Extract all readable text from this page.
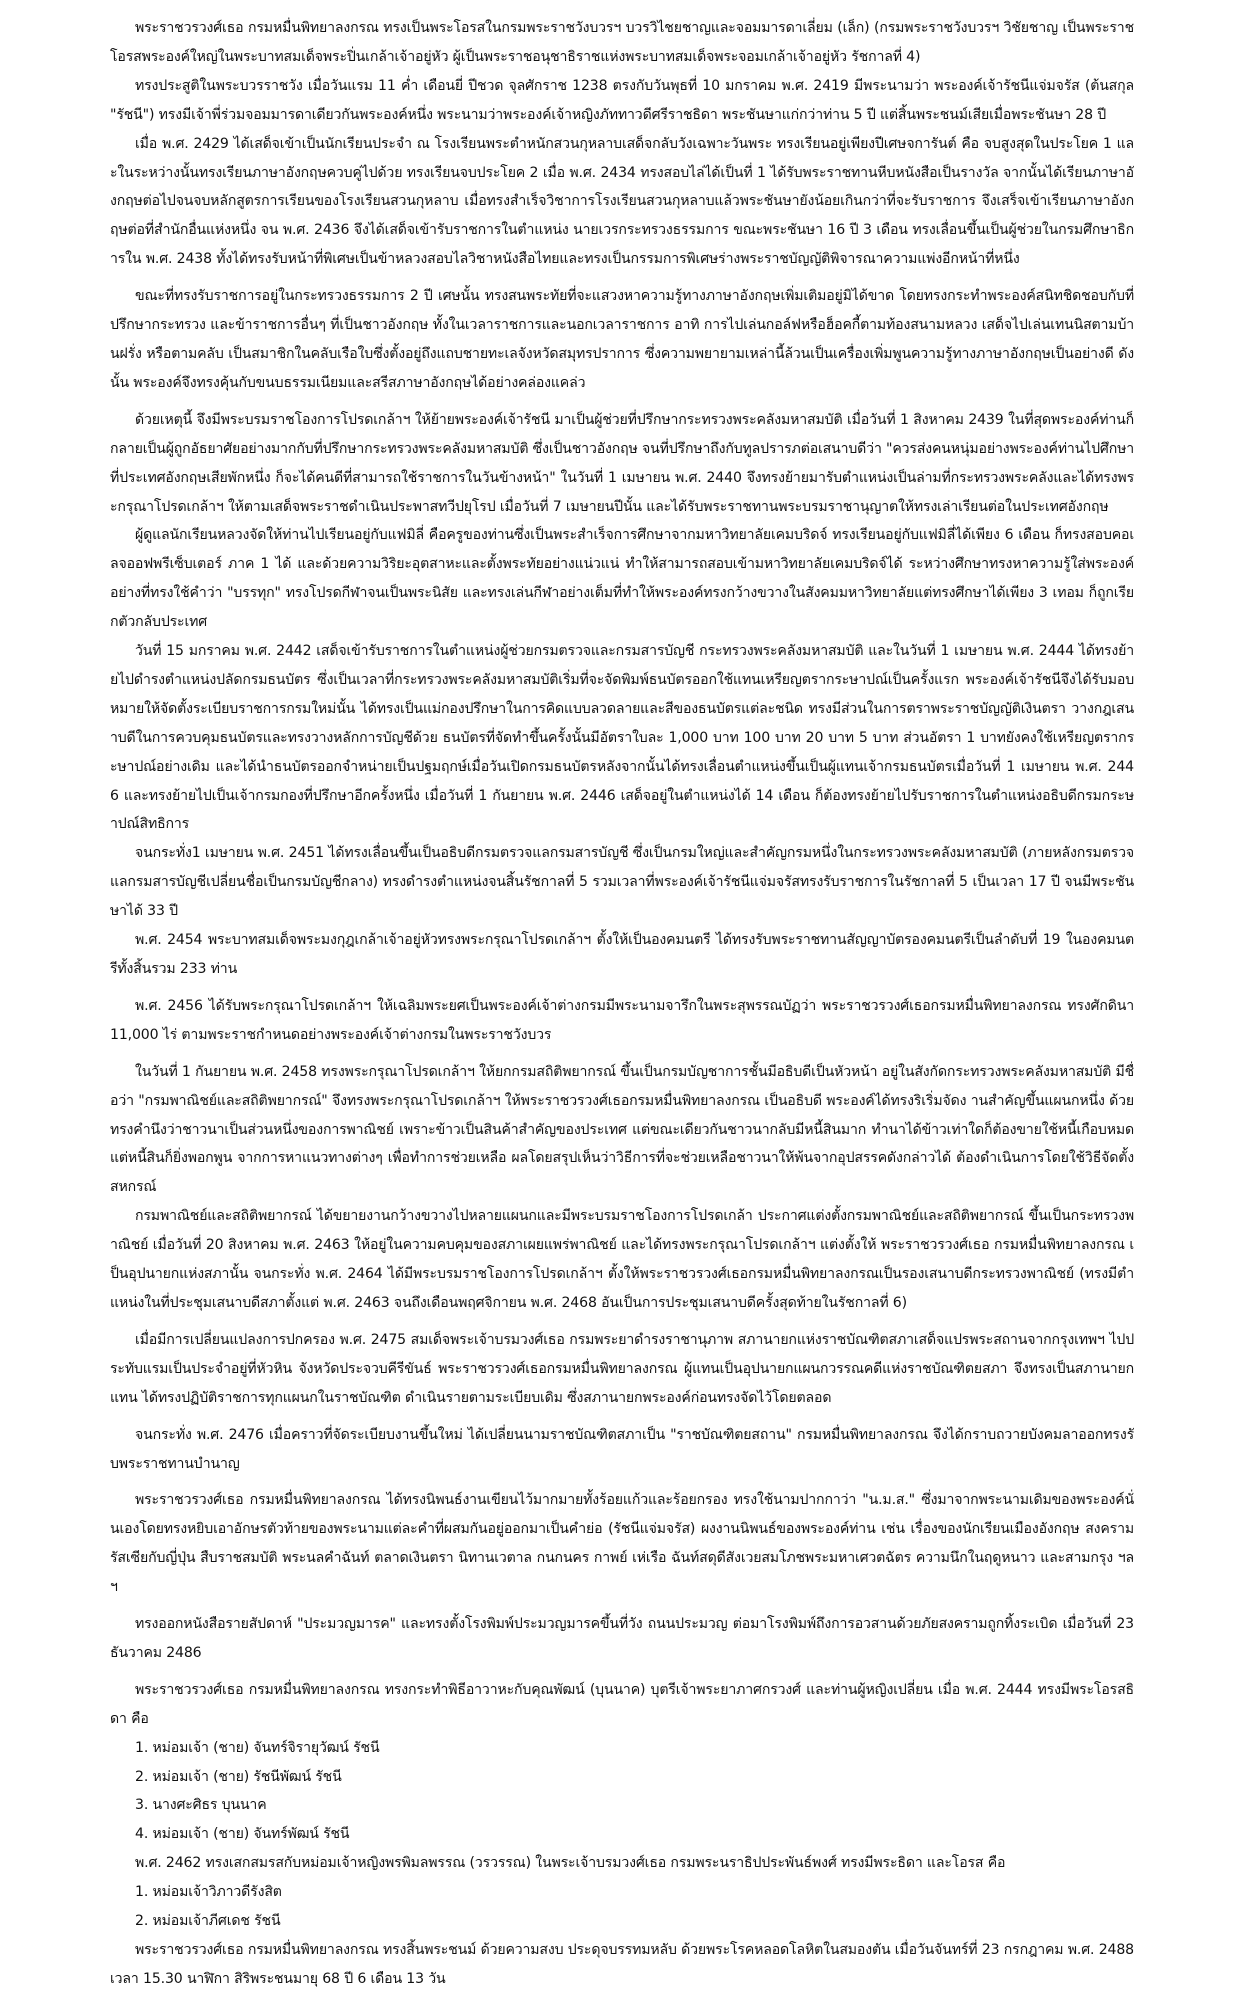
พระราชวรวงศ์เธอ กรมหมื่นพิทยาลงกรณ ทรงเป็นพระโอรสในกรมพระราชวังบวรฯ บวรวิไชยชาญและจอมมารดาเลี่ยม (เล็ก) (กรมพระราชวังบวรฯ วิชัยชาญ เป็นพระราชโอรสพระองค์ใหญ่ในพระบาทสมเด็จพระปิ่นเกล้าเจ้าอยู่หัว ผู้เป็นพระราชอนุชาธิราชแห่งพระบาทสมเด็จพระจอมเกล้าเจ้าอยู่หัว รัชกาลที่ 4)

ทรงประสูติในพระบวรราชวัง เมื่อวันแรม 11 ค่ำ เดือนยี่ ปีชวด จุลศักราช 1238 ตรงกับวันพุธที่ 10 มกราคม พ.ศ. 2419 มีพระนามว่า พระองค์เจ้ารัชนีแจ่มจรัส (ต้นสกุล "รัชนี") ทรงมีเจ้าพี่ร่วมจอมมารดาเดียวกันพระองค์หนึ่ง พระนามว่าพระองค์เจ้าหญิงภัททาวดีศรีราชธิดา พระชันษาแก่กว่าท่าน 5 ปี แต่สิ้นพระชนม์เสียเมื่อพระชันษา 28 ปี

เมื่อ พ.ศ. 2429 ได้เสด็จเข้าเป็นนักเรียนประจำ ณ โรงเรียนพระตำหนักสวนกุหลาบเสด็จกลับวังเฉพาะวันพระ ทรงเรียนอยู่เพียงปีเศษจการันต์ คือ จบสูงสุดในประโยค 1 และในระหว่างนั้นทรงเรียนภาษาอังกฤษควบคู่ไปด้วย ทรงเรียนจบประโยค 2 เมื่อ พ.ศ. 2434 ทรงสอบไล่ได้เป็นที่ 1 ได้รับพระราชทานหีบหนังสือเป็นรางวัล จากนั้นได้เรียนภาษาอังกฤษต่อไปจนจบหลักสูตรการเรียนของโรงเรียนสวนกุหลาบ เมื่อทรงสำเร็จวิชาการโรงเรียนสวนกุหลาบแล้วพระชันษายังน้อยเกินกว่าที่จะรับราชการ จึงเสร็จเข้าเรียนภาษาอังกฤษต่อที่สำนักอื่นแห่งหนึ่ง จน พ.ศ. 2436 จึงได้เสด็จเข้ารับราชการในตำแหน่ง นายเวรกระทรวงธรรมการ ขณะพระชันษา 16 ปี 3 เดือน ทรงเลื่อนขึ้นเป็นผู้ช่วยในกรมศึกษาธิการใน พ.ศ. 2438 ทั้งได้ทรงรับหน้าที่พิเศษเป็นข้าหลวงสอบไลวิชาหนังสือไทยและทรงเป็นกรรมการพิเศษร่างพระราชบัญญัติพิจารณาความแพ่งอีกหน้าที่หนึ่ง

ขณะที่ทรงรับราชการอยู่ในกระทรวงธรรมการ 2 ปี เศษนั้น ทรงสนพระทัยที่จะแสวงหาความรู้ทางภาษาอังกฤษเพิ่มเติมอยู่มิได้ขาด โดยทรงกระทำพระองค์สนิทชิดชอบกับที่ปรึกษากระทรวง และข้าราชการอื่นๆ ที่เป็นชาวอังกฤษ ทั้งในเวลาราชการและนอกเวลาราชการ อาทิ การไปเล่นกอล์ฟหรือฮ็อคกี้ตามท้องสนามหลวง เสด็จไปเล่นเทนนิสตามบ้านฝรั่ง หรือตามคลับ เป็นสมาชิกในคลับเรือใบซึ่งตั้งอยู่ถึงแถบชายทะเลจังหวัดสมุทรปราการ ซึ่งความพยายามเหล่านี้ล้วนเป็นเครื่องเพิ่มพูนความรู้ทางภาษาอังกฤษเป็นอย่างดี ดังนั้น พระองค์จึงทรงคุ้นกับขนบธรรมเนียมและสรีสภาษาอังกฤษได้อย่างคล่องแคล่ว

ด้วยเหตุนี้ จึงมีพระบรมราชโองการโปรดเกล้าฯ ให้ย้ายพระองค์เจ้ารัชนี มาเป็นผู้ช่วยที่ปรึกษากระทรวงพระคลังมหาสมบัติ เมื่อวันที่ 1 สิงหาคม 2439 ในที่สุดพระองค์ท่านก็กลายเป็นผู้ถูกอัธยาศัยอย่างมากกับที่ปรึกษากระทรวงพระคลังมหาสมบัติ ซึ่งเป็นชาวอังกฤษ จนที่ปรึกษาถึงกับทูลปรารภต่อเสนาบดีว่า "ควรส่งคนหนุ่มอย่างพระองค์ท่านไปศึกษาที่ประเทศอังกฤษเสียพักหนึ่ง ก็จะได้คนดีที่สามารถใช้ราชการในวันข้างหน้า" ในวันที่ 1 เมษายน พ.ศ. 2440 จึงทรงย้ายมารับตำแหน่งเป็นล่ามที่กระทรวงพระคลังและได้ทรงพระกรุณาโปรดเกล้าฯ ให้ตามเสด็จพระราชดำเนินประพาสทวีปยุโรป เมื่อวันที่ 7 เมษายนปีนั้น และได้รับพระราชทานพระบรมราชานุญาตให้ทรงเล่าเรียนต่อในประเทศอังกฤษ

ผู้ดูแลนักเรียนหลวงจัดให้ท่านไปเรียนอยู่กับแฟมิลี่ คือครูของท่านซึ่งเป็นพระสำเร็จการศึกษาจากมหาวิทยาลัยเคมบริดจ์ ทรงเรียนอยู่กับแฟมิลี่ได้เพียง 6 เดือน ก็ทรงสอบคอเลจออฟพรีเซ็บเตอร์ ภาค 1 ได้ และด้วยความวิริยะอุตสาหะและตั้งพระทัยอย่างแน่วแน่ ทำให้สามารถสอบเข้ามหาวิทยาลัยเคมบริดจ์ได้ ระหว่างศึกษาทรงหาความรู้ใส่พระองค์ อย่างที่ทรงใช้คำว่า "บรรทุก" ทรงโปรดกีฬาจนเป็นพระนิสัย และทรงเล่นกีฬาอย่างเต็มที่ทำให้พระองค์ทรงกว้างขวางในสังคมมหาวิทยาลัยแต่ทรงศึกษาได้เพียง 3 เทอม ก็ถูกเรียกตัวกลับประเทศ

วันที่ 15 มกราคม พ.ศ. 2442 เสด็จเข้ารับราชการในตำแหน่งผู้ช่วยกรมตรวจและกรมสารบัญชี กระทรวงพระคลังมหาสมบัติ และในวันที่ 1 เมษายน พ.ศ. 2444 ได้ทรงย้ายไปดำรงตำแหน่งปลัดกรมธนบัตร ซึ่งเป็นเวลาที่กระทรวงพระคลังมหาสมบัติเริ่มที่จะจัดพิมพ์ธนบัตรออกใช้แทนเหรียญตรากระษาปณ์เป็นครั้งแรก พระองค์เจ้ารัชนีจึงได้รับมอบหมายให้จัดตั้งระเบียบราชการกรมใหม่นั้น ได้ทรงเป็นแม่กองปรึกษาในการคิดแบบลวดลายและสีของธนบัตรแต่ละชนิด ทรงมีส่วนในการตราพระราชบัญญัติเงินตรา วางกฎเสนาบดีในการควบคุมธนบัตรและทรงวางหลักการบัญชีด้วย ธนบัตรที่จัดทำขึ้นครั้งนั้นมีอัตราใบละ 1,000 บาท 100 บาท 20 บาท 5 บาท ส่วนอัตรา 1 บาทยังคงใช้เหรียญตรากระษาปณ์อย่างเดิม และได้นำธนบัตรออกจำหน่ายเป็นปฐมฤกษ์เมื่อวันเปิดกรมธนบัตรหลังจากนั้นได้ทรงเลื่อนตำแหน่งขึ้นเป็นผู้แทนเจ้ากรมธนบัตรเมื่อวันที่ 1 เมษายน พ.ศ. 2446 และทรงย้ายไปเป็นเจ้ากรมกองที่ปรึกษาอีกครั้งหนึ่ง เมื่อวันที่ 1 กันยายน พ.ศ. 2446 เสด็จอยู่ในตำแหน่งได้ 14 เดือน ก็ต้องทรงย้ายไปรับราชการในตำแหน่งอธิบดีกรมกระษาปณ์สิทธิการ

จนกระทั่ง1 เมษายน พ.ศ. 2451 ได้ทรงเลื่อนขึ้นเป็นอธิบดีกรมตรวจแลกรมสารบัญชี ซึ่งเป็นกรมใหญ่และสำคัญกรมหนึ่งในกระทรวงพระคลังมหาสมบัติ (ภายหลังกรมตรวจแลกรมสารบัญชีเปลี่ยนชื่อเป็นกรมบัญชีกลาง) ทรงดำรงตำแหน่งจนสิ้นรัชกาลที่ 5 รวมเวลาที่พระองค์เจ้ารัชนีแจ่มจรัสทรงรับราชการในรัชกาลที่ 5 เป็นเวลา 17 ปี จนมีพระชันษาได้ 33 ปี

พ.ศ. 2454 พระบาทสมเด็จพระมงกุฎเกล้าเจ้าอยู่หัวทรงพระกรุณาโปรดเกล้าฯ ตั้งให้เป็นองคมนตรี ได้ทรงรับพระราชทานสัญญาบัตรองคมนตรีเป็นลำดับที่ 19 ในองคมนตรีทั้งสิ้นรวม 233 ท่าน

พ.ศ. 2456 ได้รับพระกรุณาโปรดเกล้าฯ ให้เฉลิมพระยศเป็นพระองค์เจ้าต่างกรมมีพระนามจารึกในพระสุพรรณบัฏว่า พระราชวรวงศ์เธอกรมหมื่นพิทยาลงกรณ ทรงศักดินา 11,000 ไร่ ตามพระราชกำหนดอย่างพระองค์เจ้าต่างกรมในพระราชวังบวร

ในวันที่ 1 กันยายน พ.ศ. 2458 ทรงพระกรุณาโปรดเกล้าฯ ให้ยกกรมสถิติพยากรณ์ ขึ้นเป็นกรมบัญชาการชั้นมีอธิบดีเป็นหัวหน้า อยู่ในสังกัดกระทรวงพระคลังมหาสมบัติ มีชื่อว่า "กรมพาณิชย์และสถิติพยากรณ์" จึงทรงพระกรุณาโปรดเกล้าฯ ให้พระราชวรวงศ์เธอกรมหมื่นพิทยาลงกรณ เป็นอธิบดี พระองค์ได้ทรงริเริ่มจัดง านสำคัญขึ้นแผนกหนึ่ง ด้วยทรงคำนึงว่าชาวนาเป็นส่วนหนึ่งของการพาณิชย์ เพราะข้าวเป็นสินค้าสำคัญของประเทศ แต่ขณะเดียวกันชาวนากลับมีหนี้สินมาก ทำนาได้ข้าวเท่าใดก็ต้องขายใช้หนี้เกือบหมด แต่หนี้สินก็ยิ่งพอกพูน จากการหาแนวทางต่างๆ เพื่อทำการช่วยเหลือ ผลโดยสรุปเห็นว่าวิธีการที่จะช่วยเหลือชาวนาให้พ้นจากอุปสรรคดังกล่าวได้ ต้องดำเนินการโดยใช้วิธีจัดตั้งสหกรณ์

กรมพาณิชย์และสถิติพยากรณ์ ได้ขยายงานกว้างขวางไปหลายแผนกและมีพระบรมราชโองการโปรดเกล้า ประกาศแต่งตั้งกรมพาณิชย์และสถิติพยากรณ์ ขึ้นเป็นกระทรวงพาณิชย์ เมื่อวันที่ 20 สิงหาคม พ.ศ. 2463 ให้อยู่ในความคบคุมของสภาเผยแพร่พาณิชย์ และได้ทรงพระกรุณาโปรดเกล้าฯ แต่งตั้งให้ พระราชวรวงศ์เธอ กรมหมื่นพิทยาลงกรณ เป็นอุปนายกแห่งสภานั้น จนกระทั่ง พ.ศ. 2464 ได้มีพระบรมราชโองการโปรดเกล้าฯ ตั้งให้พระราชวรวงศ์เธอกรมหมื่นพิทยาลงกรณเป็นรองเสนาบดีกระทรวงพาณิชย์ (ทรงมีตำแหน่งในที่ประชุมเสนาบดีสภาตั้งแต่ พ.ศ. 2463 จนถึงเดือนพฤศจิกายน พ.ศ. 2468 อันเป็นการประชุมเสนาบดีครั้งสุดท้ายในรัชกาลที่ 6)

เมื่อมีการเปลี่ยนแปลงการปกครอง พ.ศ. 2475 สมเด็จพระเจ้าบรมวงศ์เธอ กรมพระยาดำรงราชานุภาพ สภานายกแห่งราชบัณฑิตสภาเสด็จแปรพระสถานจากกรุงเทพฯ ไปประทับแรมเป็นประจำอยู่ที่หัวหิน จังหวัดประจวบคีรีขันธ์ พระราชวรวงศ์เธอกรมหมื่นพิทยาลงกรณ ผู้แทนเป็นอุปนายกแผนกวรรณคดีแห่งราชบัณฑิตยสภา จึงทรงเป็นสภานายกแทน ได้ทรงปฏิบัติราชการทุกแผนกในราชบัณฑิต ดำเนินรายตามระเบียบเดิม ซึ่งสภานายกพระองค์ก่อนทรงจัดไว้โดยตลอด

จนกระทั่ง พ.ศ. 2476 เมื่อคราวที่จัดระเบียบงานขึ้นใหม่ ได้เปลี่ยนนามราชบัณฑิตสภาเป็น "ราชบัณฑิตยสถาน" กรมหมื่นพิทยาลงกรณ จึงได้กราบถวายบังคมลาออกทรงรับพระราชทานบำนาญ

พระราชวรวงศ์เธอ กรมหมื่นพิทยาลงกรณ ได้ทรงนิพนธ์งานเขียนไว้มากมายทั้งร้อยแก้วและร้อยกรอง ทรงใช้นามปากกาว่า "น.ม.ส." ซึ่งมาจากพระนามเดิมของพระองค์นั่นเองโดยทรงหยิบเอาอักษรตัวท้ายของพระนามแต่ละคำที่ผสมกันอยู่ออกมาเป็นคำย่อ (รัชนีแจ่มจรัส) ผงงานนิพนธ์ของพระองค์ท่าน เช่น เรื่องของนักเรียนเมืองอังกฤษ สงครามรัสเซียกับญี่ปุ่น สืบราชสมบัติ พระนลคำฉันท์ ตลาดเงินตรา นิทานเวตาล กนกนคร กาพย์ เห่เรือ ฉันท์สดุดีสังเวยสมโภชพระมหาเศวตฉัตร ความนึกในฤดูหนาว และสามกรุง ฯลฯ

ทรงออกหนังสือรายสัปดาห์ "ประมวญมารค" และทรงตั้งโรงพิมพ์ประมวญมารคขึ้นที่วัง ถนนประมวญ ต่อมาโรงพิมพ์ถึงการอวสานด้วยภัยสงครามถูกทิ้งระเบิด เมื่อวันที่ 23 ธันวาคม 2486

พระราชวรวงศ์เธอ กรมหมื่นพิทยาลงกรณ ทรงกระทำพิธีอาวาหะกับคุณพัฒน์ (บุนนาค) บุตรีเจ้าพระยาภาศกรวงศ์ และท่านผู้หญิงเปลี่ยน เมื่อ พ.ศ. 2444 ทรงมีพระโอรสธิดา คือ

1. หม่อมเจ้า (ชาย) จันทร์จิรายุวัฒน์ รัชนี

2. หม่อมเจ้า (ชาย) รัชนีพัฒน์ รัชนี

3. นางศะศิธร บุนนาค

4. หม่อมเจ้า (ชาย) จันทร์พัฒน์ รัชนี

พ.ศ. 2462 ทรงเสกสมรสกับหม่อมเจ้าหญิงพรพิมลพรรณ (วรวรรณ) ในพระเจ้าบรมวงศ์เธอ กรมพระนราธิปประพันธ์พงศ์ ทรงมีพระธิดา และโอรส คือ

1. หม่อมเจ้าวิภาวดีรังสิต

2. หม่อมเจ้าภีศเดช รัชนี

พระราชวรวงศ์เธอ กรมหมื่นพิทยาลงกรณ ทรงสิ้นพระชนม์ ด้วยความสงบ ประดุจบรรทมหลับ ด้วยพระโรคหลอดโลหิตในสมองตัน เมื่อวันจันทร์ที่ 23 กรกฎาคม พ.ศ. 2488 เวลา 15.30 นาฬิกา สิริพระชนมายุ 68 ปี 6 เดือน 13 วัน
